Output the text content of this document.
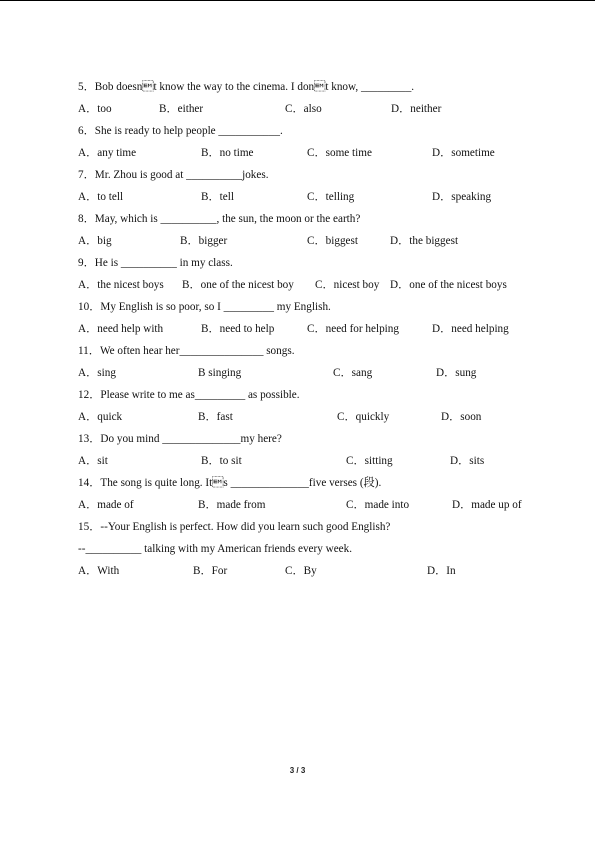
5．Bob doesnt know the way to the cinema. I dont know, _________.

A．too

	B．either

	C．also

	D．neither

6．She is ready to help people ___________.

A．any time

	B．no time

	C．some time

	D．sometime

7．Mr. Zhou is good at __________jokes.

A．to tell

	B．tell

	C．telling

	D．speaking

8．May, which is __________, the sun, the moon or the earth?

A．big

	B．bigger

	C．biggest

	D．the biggest

9．He is __________ in my class.

A．the nicest boys

B．one of the nicest boy

C．nicest boy

D．one of the nicest boys

10．My English is so poor, so I _________ my English.

A．need help with

	B．need to help

	C．need for helping

	D．need helping

11．We often hear her_______________ songs.

A．sing

	B singing

	C．sang

	D．sung

12．Please write to me as_________ as possible.

A．quick

	B．fast

	C．quickly

	D．soon

13．Do you mind ______________my here?

A．sit

	B．to sit

	C．sitting

	D．sits

14．The song is quite long. Its ______________five verses (段).

A．made of

	B．made from

	C．made into

	D．made up of

15．--Your English is perfect. How did you learn such good English?

--__________ talking with my American friends every week.

A．With

	B．For

	C．By

	D．In

3 / 3
